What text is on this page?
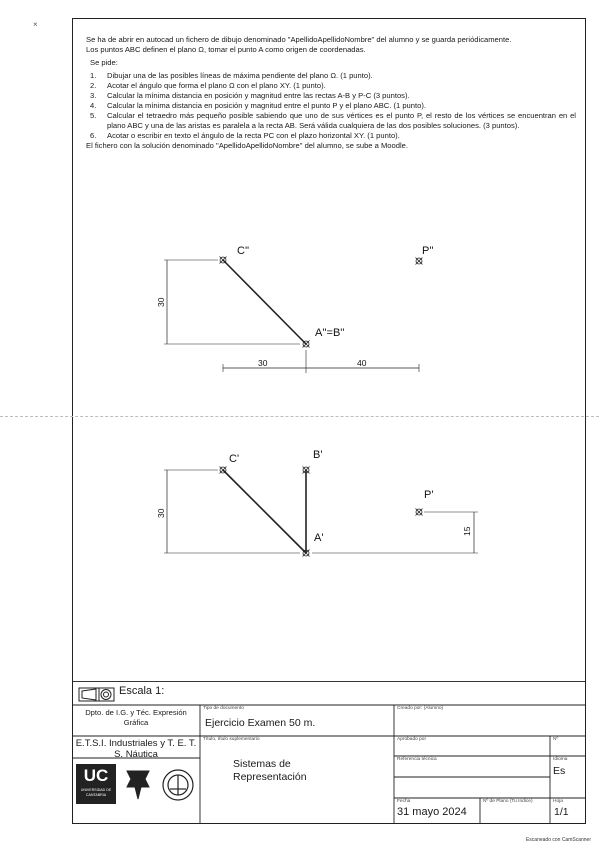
×

Se ha de abrir en autocad un fichero de dibujo denominado "ApellidoApellidoNombre" del alumno y se guarda periódicamente.

Los puntos ABC definen el plano Ω, tomar el punto A como origen de coordenadas.

Se pide:

1. Dibujar una de las posibles líneas de máxima pendiente del plano Ω. (1 punto).
2. Acotar el ángulo que forma el plano Ω con el plano XY. (1 punto).
3. Calcular la mínima distancia en posición y magnitud entre las rectas A-B y P-C (3 puntos).
4. Calcular la mínima distancia en posición y magnitud entre el punto P y el plano ABC. (1 punto).
5. Calcular el tetraedro más pequeño posible sabiendo que uno de sus vértices es el punto P, el resto de los vértices se encuentran en el plano ABC y una de las aristas es paralela a la recta AB. Será válida cualquiera de las dos posibles soluciones. (3 puntos).
6. Acotar o escribir en texto el ángulo de la recta PC con el plazo horizontal XY. (1 punto).

El fichero con la solución denominado "ApellidoApellidoNombre" del alumno, se sube a Moodle.

C''	P''
A''=B''
30
30	40
C'	B'
P'
A'
30
15
Escala 1:
Dpto. de I.G. y Téc. Expresión Gráfica
E.T.S.I. Industriales y T. E. T. S. Náutica
UC
UNIVERSIDAD DE CANTABRIA
Tipo de documento
Ejercicio Examen 50 m.
Creado por: (Alumno)
Título, título suplementario
Sistemas de Representación
Aprobado por	Nº
Referencia técnica	Idioma
Es
Fecha
31 mayo 2024
Nº de Plano (Tu Índice)	Hoja
1/1
Escaneado con CamScanner
